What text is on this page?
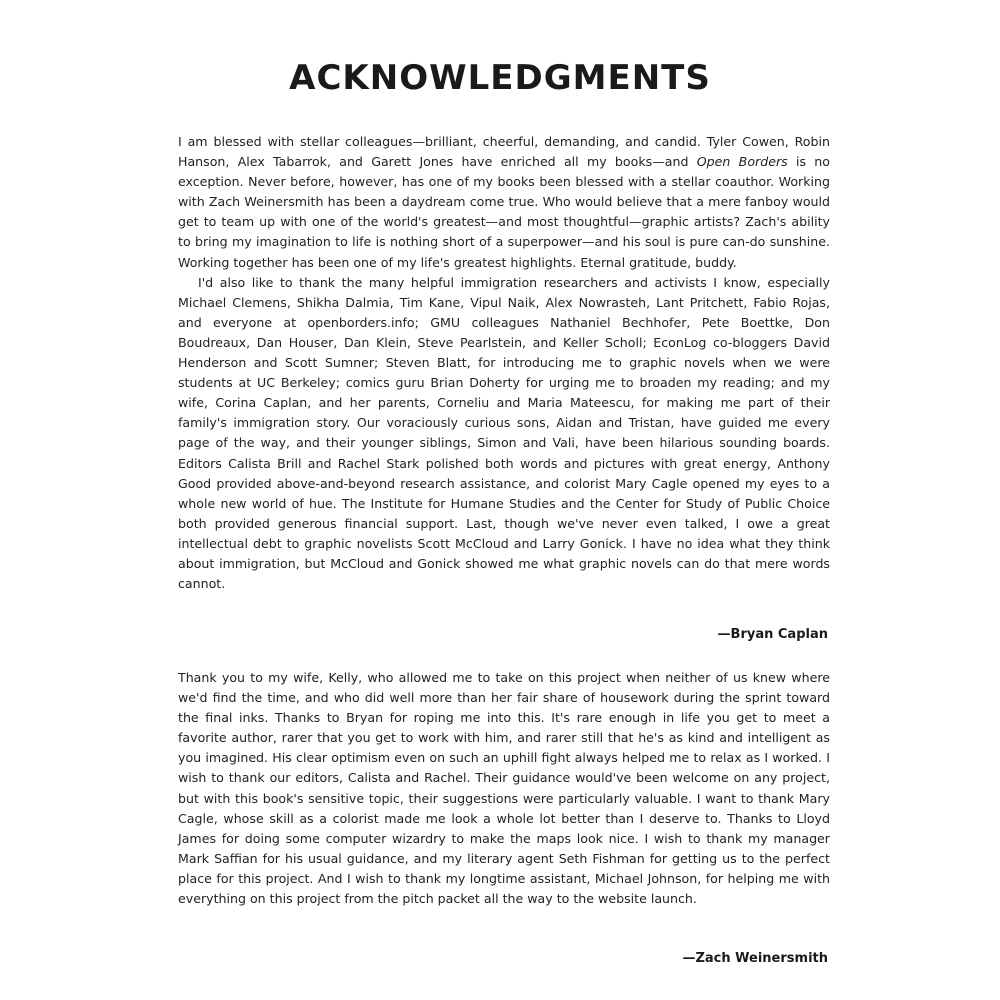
ACKNOWLEDGMENTS

I am blessed with stellar colleagues—brilliant, cheerful, demanding, and candid. Tyler Cowen, Robin Hanson, Alex Tabarrok, and Garett Jones have enriched all my books—and Open Borders is no exception. Never before, however, has one of my books been blessed with a stellar coauthor. Working with Zach Weinersmith has been a daydream come true. Who would believe that a mere fanboy would get to team up with one of the world's greatest—and most thoughtful—graphic artists? Zach's ability to bring my imagination to life is nothing short of a superpower—and his soul is pure can-do sunshine. Working together has been one of my life's greatest highlights. Eternal gratitude, buddy.

I'd also like to thank the many helpful immigration researchers and activists I know, especially Michael Clemens, Shikha Dalmia, Tim Kane, Vipul Naik, Alex Nowrasteh, Lant Pritchett, Fabio Rojas, and everyone at openborders.info; GMU colleagues Nathaniel Bechhofer, Pete Boettke, Don Boudreaux, Dan Houser, Dan Klein, Steve Pearlstein, and Keller Scholl; EconLog co-bloggers David Henderson and Scott Sumner; Steven Blatt, for introducing me to graphic novels when we were students at UC Berkeley; comics guru Brian Doherty for urging me to broaden my reading; and my wife, Corina Caplan, and her parents, Corneliu and Maria Mateescu, for making me part of their family's immigration story. Our voraciously curious sons, Aidan and Tristan, have guided me every page of the way, and their younger siblings, Simon and Vali, have been hilarious sounding boards. Editors Calista Brill and Rachel Stark polished both words and pictures with great energy, Anthony Good provided above-and-beyond research assistance, and colorist Mary Cagle opened my eyes to a whole new world of hue. The Institute for Humane Studies and the Center for Study of Public Choice both provided generous financial support. Last, though we've never even talked, I owe a great intellectual debt to graphic novelists Scott McCloud and Larry Gonick. I have no idea what they think about immigration, but McCloud and Gonick showed me what graphic novels can do that mere words cannot.

—Bryan Caplan

Thank you to my wife, Kelly, who allowed me to take on this project when neither of us knew where we'd find the time, and who did well more than her fair share of housework during the sprint toward the final inks. Thanks to Bryan for roping me into this. It's rare enough in life you get to meet a favorite author, rarer that you get to work with him, and rarer still that he's as kind and intelligent as you imagined. His clear optimism even on such an uphill fight always helped me to relax as I worked. I wish to thank our editors, Calista and Rachel. Their guidance would've been welcome on any project, but with this book's sensitive topic, their suggestions were particularly valuable. I want to thank Mary Cagle, whose skill as a colorist made me look a whole lot better than I deserve to. Thanks to Lloyd James for doing some computer wizardry to make the maps look nice. I wish to thank my manager Mark Saffian for his usual guidance, and my literary agent Seth Fishman for getting us to the perfect place for this project. And I wish to thank my longtime assistant, Michael Johnson, for helping me with everything on this project from the pitch packet all the way to the website launch.

—Zach Weinersmith
